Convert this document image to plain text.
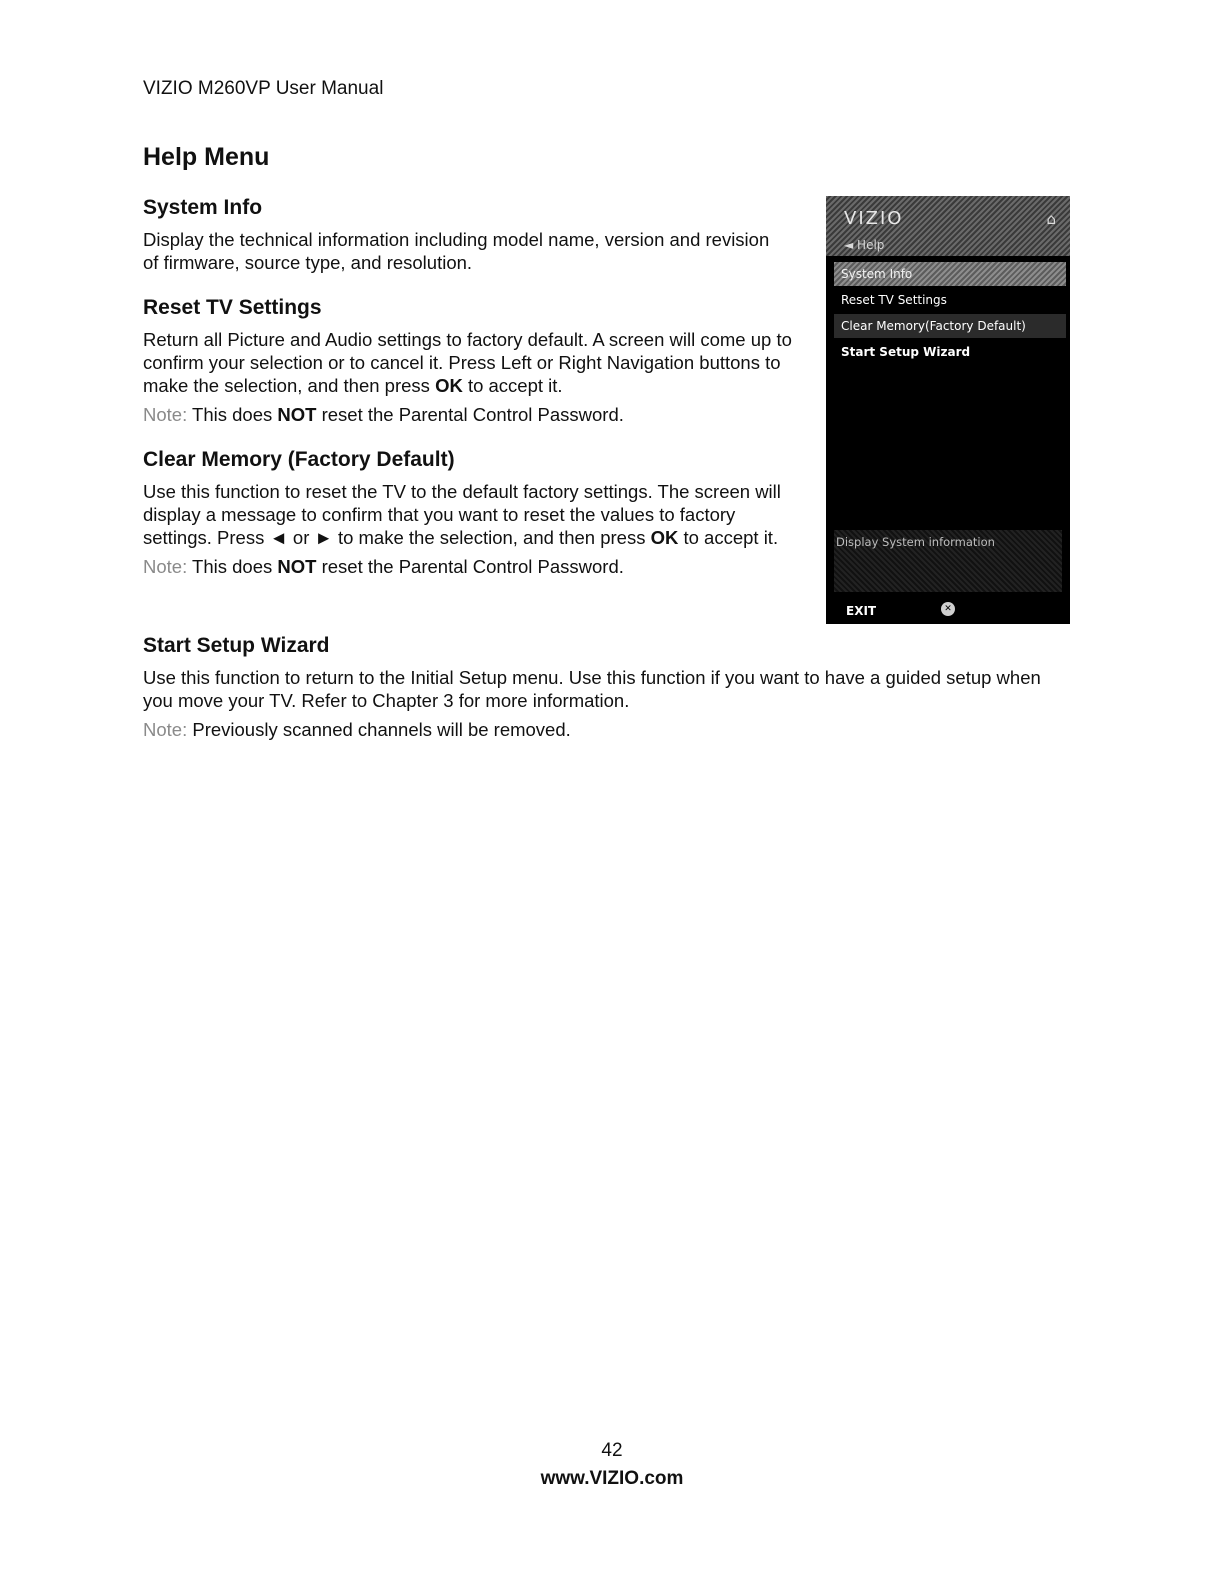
VIZIO M260VP User Manual
Help Menu
System Info

Display the technical information including model name, version and revision of firmware, source type, and resolution.

Reset TV Settings

Return all Picture and Audio settings to factory default. A screen will come up to confirm your selection or to cancel it. Press Left or Right Navigation buttons to make the selection, and then press OK to accept it.

Note: This does NOT reset the Parental Control Password.

Clear Memory (Factory Default)

Use this function to reset the TV to the default factory settings. The screen will display a message to confirm that you want to reset the values to factory settings. Press ◄ or ► to make the selection, and then press OK to accept it.

Note: This does NOT reset the Parental Control Password.

Start Setup Wizard

Use this function to return to the Initial Setup menu. Use this function if you want to have a guided setup when you move your TV. Refer to Chapter 3 for more information.

Note: Previously scanned channels will be removed.

VIZIO	⌂
◄ Help
System Info
Reset TV Settings
Clear Memory(Factory Default)
Start Setup Wizard
Display System information
EXIT	✕
42
www.VIZIO.com
